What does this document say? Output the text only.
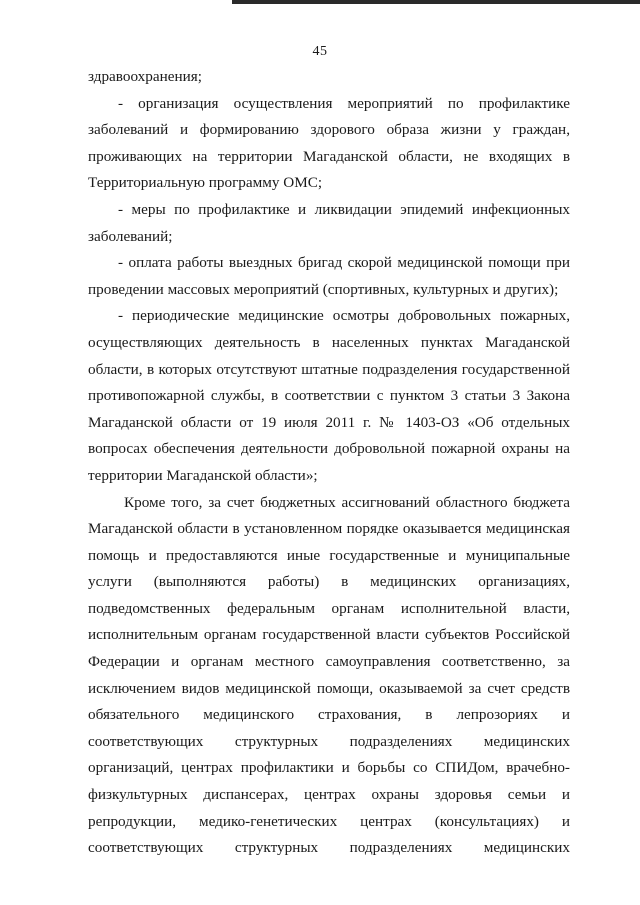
45
здравоохранения;
- организация осуществления мероприятий по профилактике
заболеваний и формированию здорового образа жизни у граждан,
проживающих на территории Магаданской области, не входящих в
Территориальную программу ОМС;
- меры по профилактике и ликвидации эпидемий инфекционных
заболеваний;
- оплата работы выездных бригад скорой медицинской помощи при
проведении массовых мероприятий (спортивных, культурных и других);
- периодические медицинские осмотры добровольных пожарных,
осуществляющих деятельность в населенных пунктах Магаданской
области, в которых отсутствуют штатные подразделения государственной
противопожарной службы, в соответствии с пунктом 3 статьи 3 Закона
Магаданской области от 19 июля 2011 г. № 1403-ОЗ «Об отдельных
вопросах обеспечения деятельности добровольной пожарной охраны на
территории Магаданской области»;
Кроме того, за счет бюджетных ассигнований областного бюджета
Магаданской области в установленном порядке оказывается медицинская
помощь и предоставляются иные государственные и муниципальные
услуги (выполняются работы) в медицинских организациях,
подведомственных федеральным органам исполнительной власти,
исполнительным органам государственной власти субъектов Российской
Федерации и органам местного самоуправления соответственно, за
исключением видов медицинской помощи, оказываемой за счет средств
обязательного медицинского страхования, в лепрозориях и
соответствующих структурных подразделениях медицинских
организаций, центрах профилактики и борьбы со СПИДом, врачебно-
физкультурных диспансерах, центрах охраны здоровья семьи и
репродукции, медико-генетических центрах (консультациях) и
соответствующих структурных подразделениях медицинских
